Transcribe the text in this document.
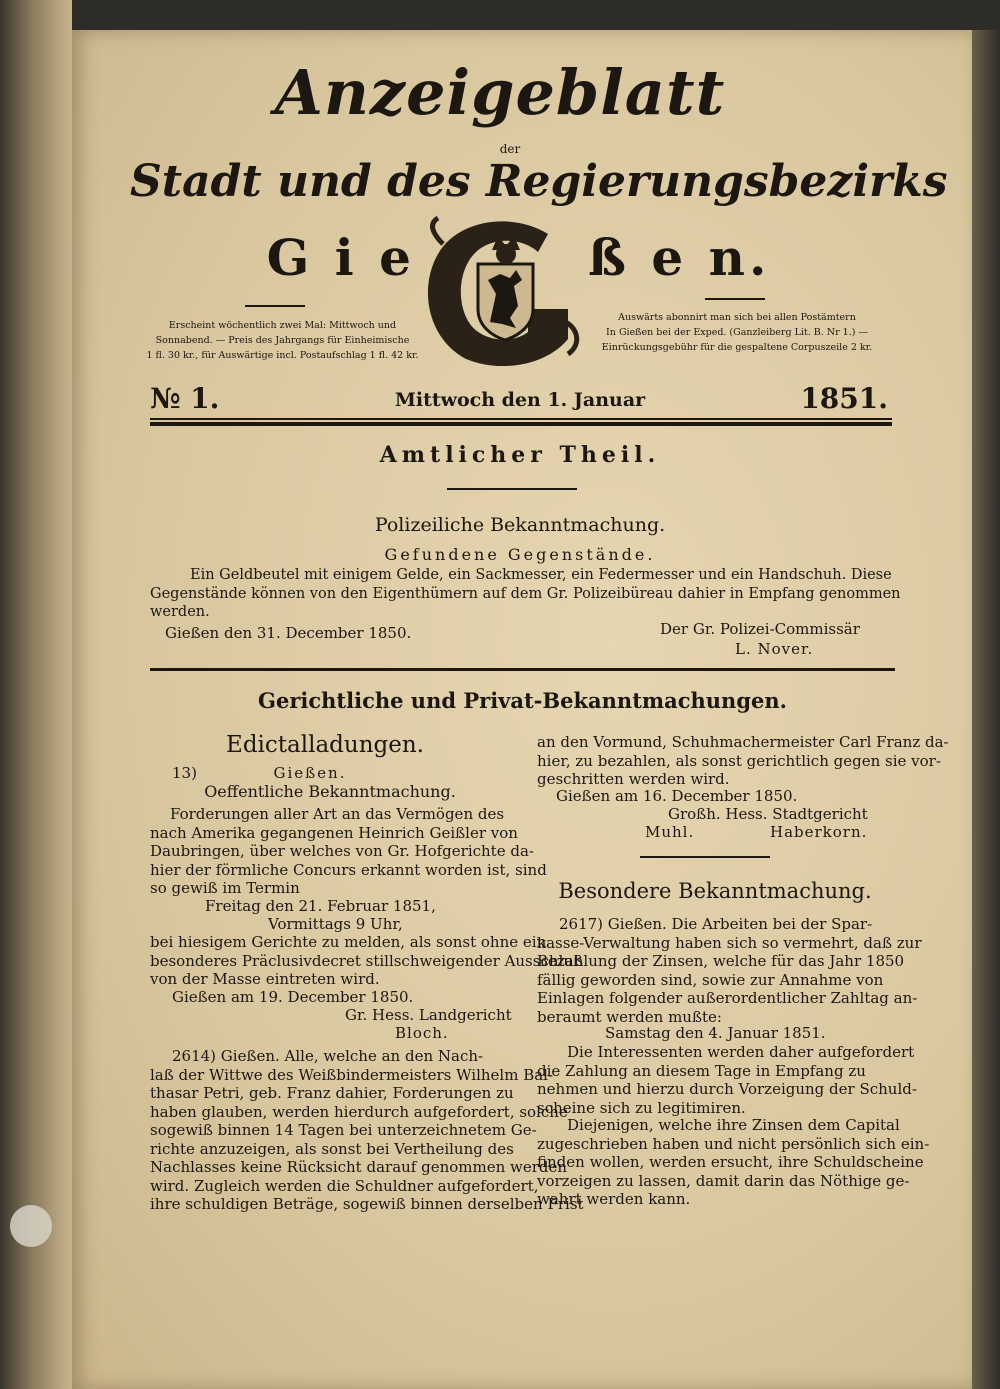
Anzeigeblatt
der
Stadt und des Regierungsbezirks
G i e	ß e n.
Erscheint wöchentlich zwei Mal: Mittwoch und
Sonnabend. — Preis des Jahrgangs für Einheimische
1 fl. 30 kr., für Auswärtige incl. Postaufschlag 1 fl. 42 kr.
Auswärts abonnirt man sich bei allen Postämtern
In Gießen bei der Exped. (Ganzleiberg Lit. B. Nr 1.) —
Einrückungsgebühr für die gespaltene Corpuszeile 2 kr.
№ 1.	Mittwoch den 1. Januar	1851.
Amtlicher Theil.
Polizeiliche Bekanntmachung.
Gefundene Gegenstände.
Ein Geldbeutel mit einigem Gelde, ein Sackmesser, ein Federmesser und ein Handschuh. Diese
Gegenstände können von den Eigenthümern auf dem Gr. Polizeibüreau dahier in Empfang genommen
werden.
Gießen den 31. December 1850.	Der Gr. Polizei-Commissär
L. Nover.
Gerichtliche und Privat-Bekanntmachungen.
Edictalladungen.
13)	Gießen.
Oeffentliche Bekanntmachung.
Forderungen aller Art an das Vermögen des
nach Amerika gegangenen Heinrich Geißler von
Daubringen, über welches von Gr. Hofgerichte da-
hier der förmliche Concurs erkannt worden ist, sind
so gewiß im Termin
Freitag den 21. Februar 1851,
Vormittags 9 Uhr,
bei hiesigem Gerichte zu melden, als sonst ohne ein
besonderes Präclusivdecret stillschweigender Ausschluß
von der Masse eintreten wird.
Gießen am 19. December 1850.
Gr. Hess. Landgericht
Bloch.
2614) Gießen. Alle, welche an den Nach-
laß der Wittwe des Weißbindermeisters Wilhelm Bal-
thasar Petri, geb. Franz dahier, Forderungen zu
haben glauben, werden hierdurch aufgefordert, solche
sogewiß binnen 14 Tagen bei unterzeichnetem Ge-
richte anzuzeigen, als sonst bei Vertheilung des
Nachlasses keine Rücksicht darauf genommen werden
wird. Zugleich werden die Schuldner aufgefordert,
ihre schuldigen Beträge, sogewiß binnen derselben Frist
an den Vormund, Schuhmachermeister Carl Franz da-
hier, zu bezahlen, als sonst gerichtlich gegen sie vor-
geschritten werden wird.
Gießen am 16. December 1850.
Großh. Hess. Stadtgericht
Muhl.	Haberkorn.
Besondere Bekanntmachung.
2617) Gießen. Die Arbeiten bei der Spar-
kasse-Verwaltung haben sich so vermehrt, daß zur
Bezahlung der Zinsen, welche für das Jahr 1850
fällig geworden sind, sowie zur Annahme von
Einlagen folgender außerordentlicher Zahltag an-
beraumt werden mußte:
Samstag den 4. Januar 1851.
Die Interessenten werden daher aufgefordert
die Zahlung an diesem Tage in Empfang zu
nehmen und hierzu durch Vorzeigung der Schuld-
scheine sich zu legitimiren.
Diejenigen, welche ihre Zinsen dem Capital
zugeschrieben haben und nicht persönlich sich ein-
finden wollen, werden ersucht, ihre Schuldscheine
vorzeigen zu lassen, damit darin das Nöthige ge-
wahrt werden kann.
